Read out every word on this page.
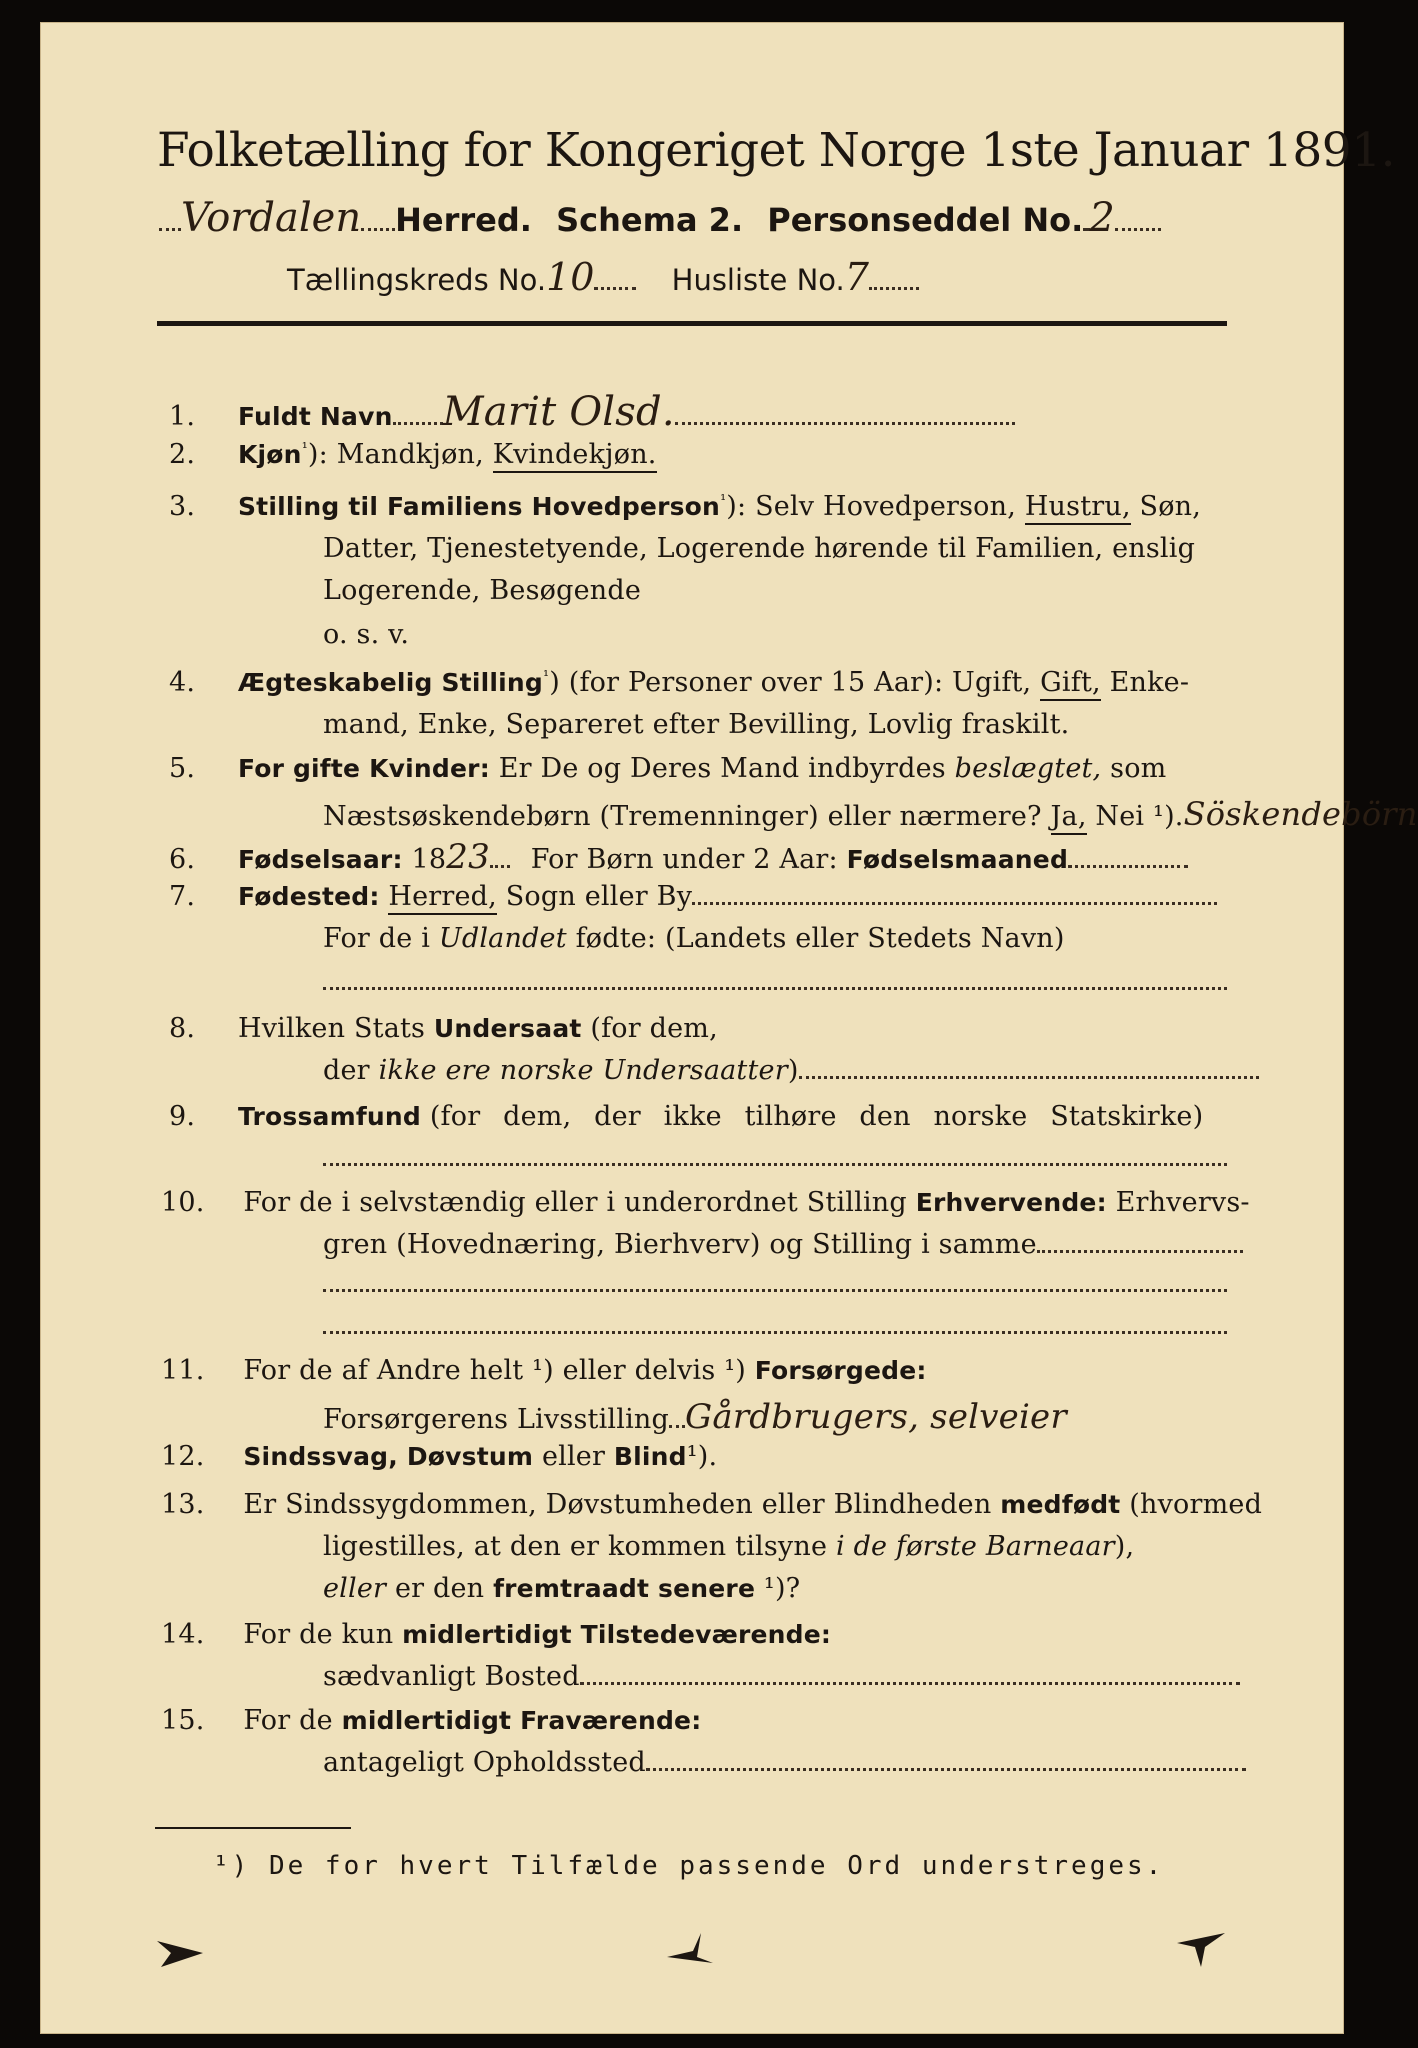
Folketælling for Kongeriget Norge 1ste Januar 1891.
Vordalen Herred. Schema 2. Personseddel No. 2
Tællingskreds No.10	Husliste No.7
1. Fuldt Navn Marit Olsd.
2. Kjøn$^{^1}$): Mandkjøn, Kvindekjøn.
3. Stilling til Familiens Hovedperson$^{^1}$): Selv Hovedperson, Hustru, Søn,
Datter, Tjenestetyende, Logerende hørende til Familien, enslig
Logerende, Besøgende
o. s. v.
4. Ægteskabelig Stilling$^{^1}$) (for Personer over 15 Aar): Ugift, Gift, Enke-
mand, Enke, Separeret efter Bevilling, Lovlig fraskilt.
5. For gifte Kvinder: Er De og Deres Mand indbyrdes beslægtet, som
Næstsøskendebørn (Tremenninger) eller nærmere? Ja, Nei ¹).Söskendebörn
6. Fødselsaar: 1823 For Børn under 2 Aar: Fødselsmaaned
7. Fødested: Herred, Sogn eller By
For de i Udlandet fødte: (Landets eller Stedets Navn)
8. Hvilken Stats Undersaat (for dem,
der ikke ere norske Undersaatter)
9. Trossamfund (for dem, der ikke tilhøre den norske Statskirke)
10. For de i selvstændig eller i underordnet Stilling Erhvervende: Erhvervs-
gren (Hovednæring, Bierhverv) og Stilling i samme
11. For de af Andre helt ¹) eller delvis ¹) Forsørgede:
Forsørgerens Livsstilling Gårdbrugers, selveier
12. Sindssvag, Døvstum eller Blind¹).
13. Er Sindssygdommen, Døvstumheden eller Blindheden medfødt (hvormed
ligestilles, at den er kommen tilsyne i de første Barneaar),
eller er den fremtraadt senere ¹)?
14. For de kun midlertidigt Tilstedeværende:
sædvanligt Bosted
15. For de midlertidigt Fraværende:
antageligt Opholdssted
¹) De for hvert Tilfælde passende Ord understreges.
